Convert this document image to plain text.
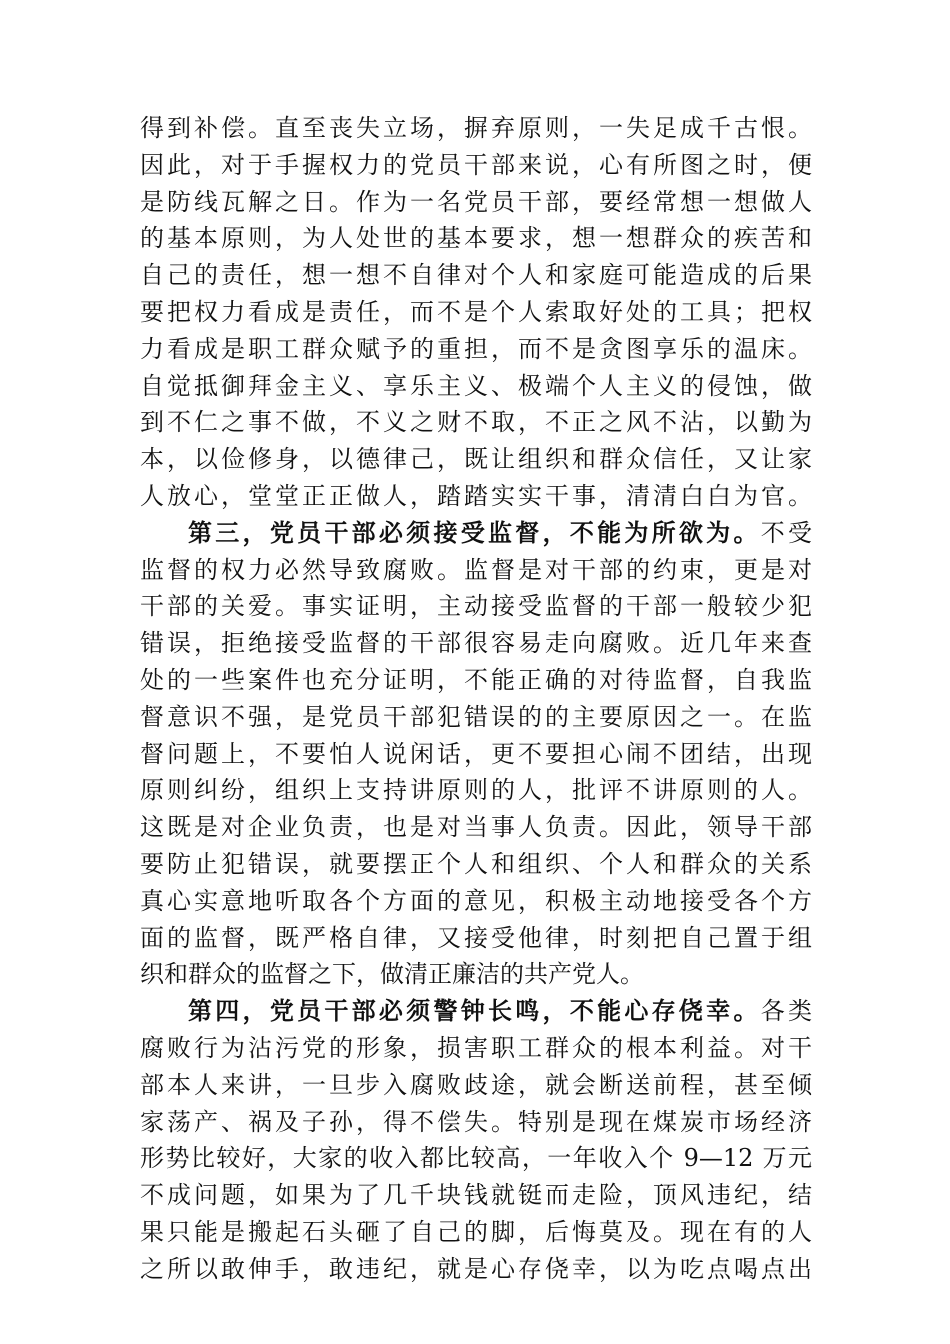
得到补偿。直至丧失立场，摒弃原则，一失足成千古恨。
因此，对于手握权力的党员干部来说，心有所图之时，便
是防线瓦解之日。作为一名党员干部，要经常想一想做人
的基本原则，为人处世的基本要求，想一想群众的疾苦和
自己的责任，想一想不自律对个人和家庭可能造成的后果
要把权力看成是责任，而不是个人索取好处的工具；把权
力看成是职工群众赋予的重担，而不是贪图享乐的温床。
自觉抵御拜金主义、享乐主义、极端个人主义的侵蚀，做
到不仁之事不做，不义之财不取，不正之风不沾，以勤为
本，以俭修身，以德律己，既让组织和群众信任，又让家
人放心，堂堂正正做人，踏踏实实干事，清清白白为官。
第三，党员干部必须接受监督，不能为所欲为。不受
监督的权力必然导致腐败。监督是对干部的约束，更是对
干部的关爱。事实证明，主动接受监督的干部一般较少犯
错误，拒绝接受监督的干部很容易走向腐败。近几年来查
处的一些案件也充分证明，不能正确的对待监督，自我监
督意识不强，是党员干部犯错误的的主要原因之一。在监
督问题上，不要怕人说闲话，更不要担心闹不团结，出现
原则纠纷，组织上支持讲原则的人，批评不讲原则的人。
这既是对企业负责，也是对当事人负责。因此，领导干部
要防止犯错误，就要摆正个人和组织、个人和群众的关系
真心实意地听取各个方面的意见，积极主动地接受各个方
面的监督，既严格自律，又接受他律，时刻把自己置于组
织和群众的监督之下，做清正廉洁的共产党人。
第四，党员干部必须警钟长鸣，不能心存侥幸。各类
腐败行为沾污党的形象，损害职工群众的根本利益。对干
部本人来讲，一旦步入腐败歧途，就会断送前程，甚至倾
家荡产、祸及子孙，得不偿失。特别是现在煤炭市场经济
形势比较好，大家的收入都比较高，一年收入个 9—12 万元
不成问题，如果为了几千块钱就铤而走险，顶风违纪，结
果只能是搬起石头砸了自己的脚，后悔莫及。现在有的人
之所以敢伸手，敢违纪，就是心存侥幸，以为吃点喝点出
